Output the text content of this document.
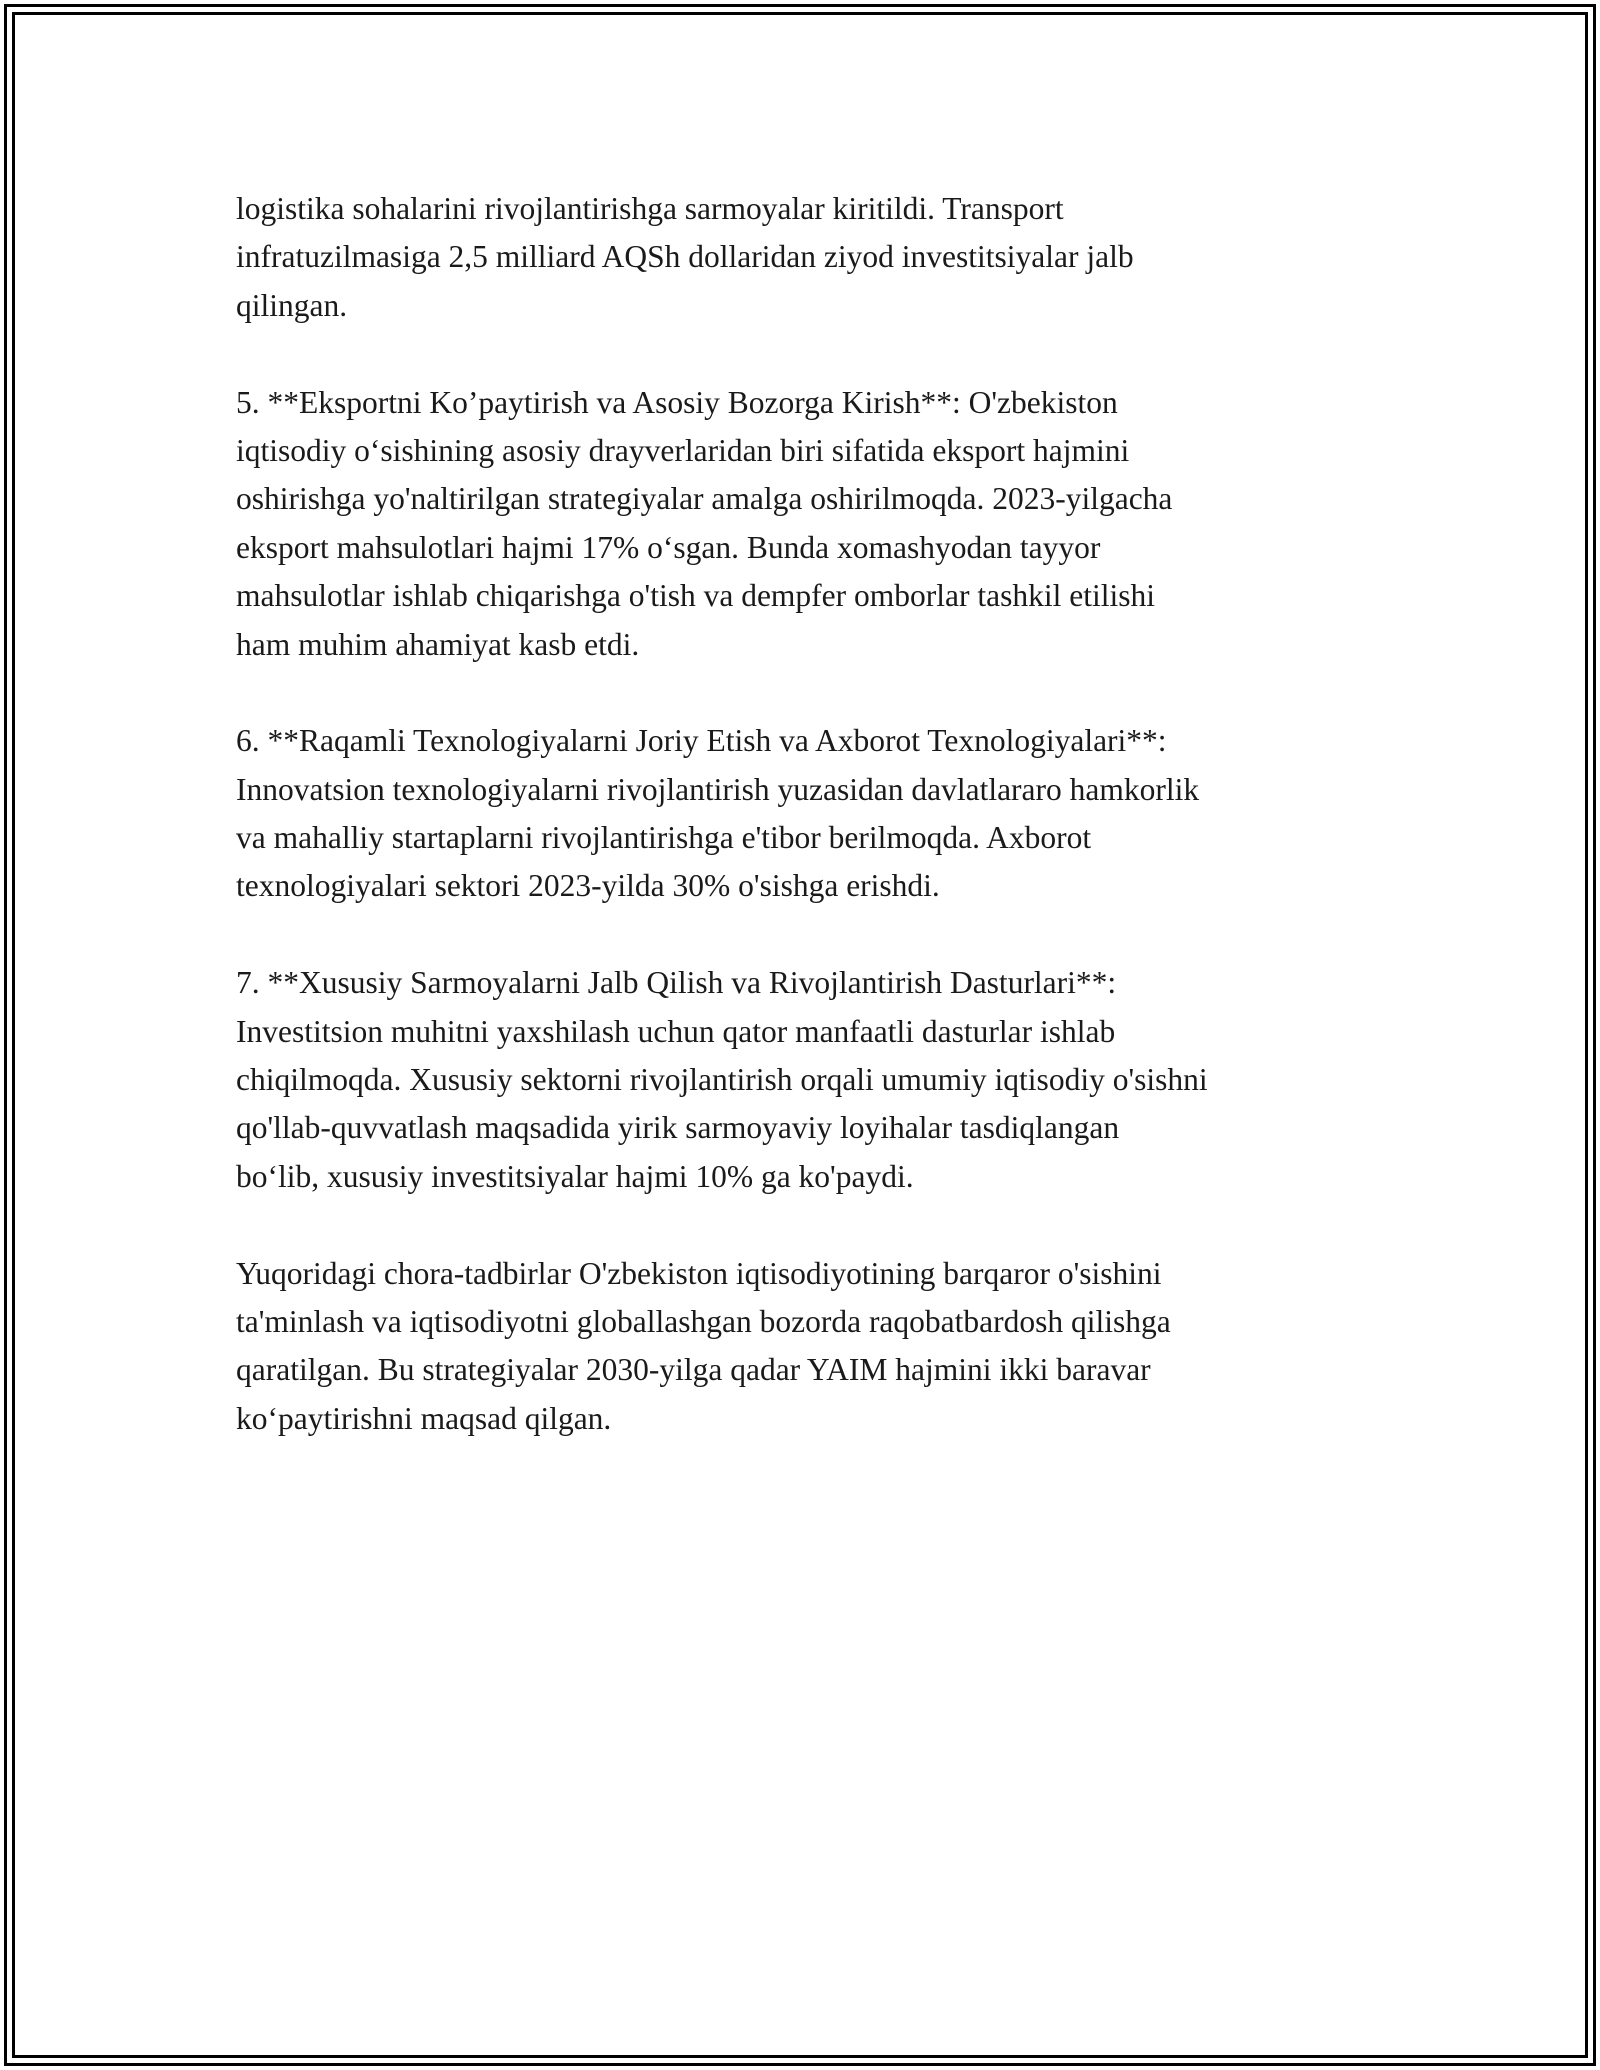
logistika sohalarini rivojlantirishga sarmoyalar kiritildi. Transport
infratuzilmasiga 2,5 milliard AQSh dollaridan ziyod investitsiyalar jalb
qilingan.
5. **Eksportni Ko’paytirish va Asosiy Bozorga Kirish**: O'zbekiston
iqtisodiy o‘sishining asosiy drayverlaridan biri sifatida eksport hajmini
oshirishga yo'naltirilgan strategiyalar amalga oshirilmoqda. 2023-yilgacha
eksport mahsulotlari hajmi 17% o‘sgan. Bunda xomashyodan tayyor
mahsulotlar ishlab chiqarishga o'tish va dempfer omborlar tashkil etilishi
ham muhim ahamiyat kasb etdi.
6. **Raqamli Texnologiyalarni Joriy Etish va Axborot Texnologiyalari**:
Innovatsion texnologiyalarni rivojlantirish yuzasidan davlatlararo hamkorlik
va mahalliy startaplarni rivojlantirishga e'tibor berilmoqda. Axborot
texnologiyalari sektori 2023-yilda 30% o'sishga erishdi.
7. **Xususiy Sarmoyalarni Jalb Qilish va Rivojlantirish Dasturlari**:
Investitsion muhitni yaxshilash uchun qator manfaatli dasturlar ishlab
chiqilmoqda. Xususiy sektorni rivojlantirish orqali umumiy iqtisodiy o'sishni
qo'llab-quvvatlash maqsadida yirik sarmoyaviy loyihalar tasdiqlangan
bo‘lib, xususiy investitsiyalar hajmi 10% ga ko'paydi.
Yuqoridagi chora-tadbirlar O'zbekiston iqtisodiyotining barqaror o'sishini
ta'minlash va iqtisodiyotni globallashgan bozorda raqobatbardosh qilishga
qaratilgan. Bu strategiyalar 2030-yilga qadar YAIM hajmini ikki baravar
ko‘paytirishni maqsad qilgan.
